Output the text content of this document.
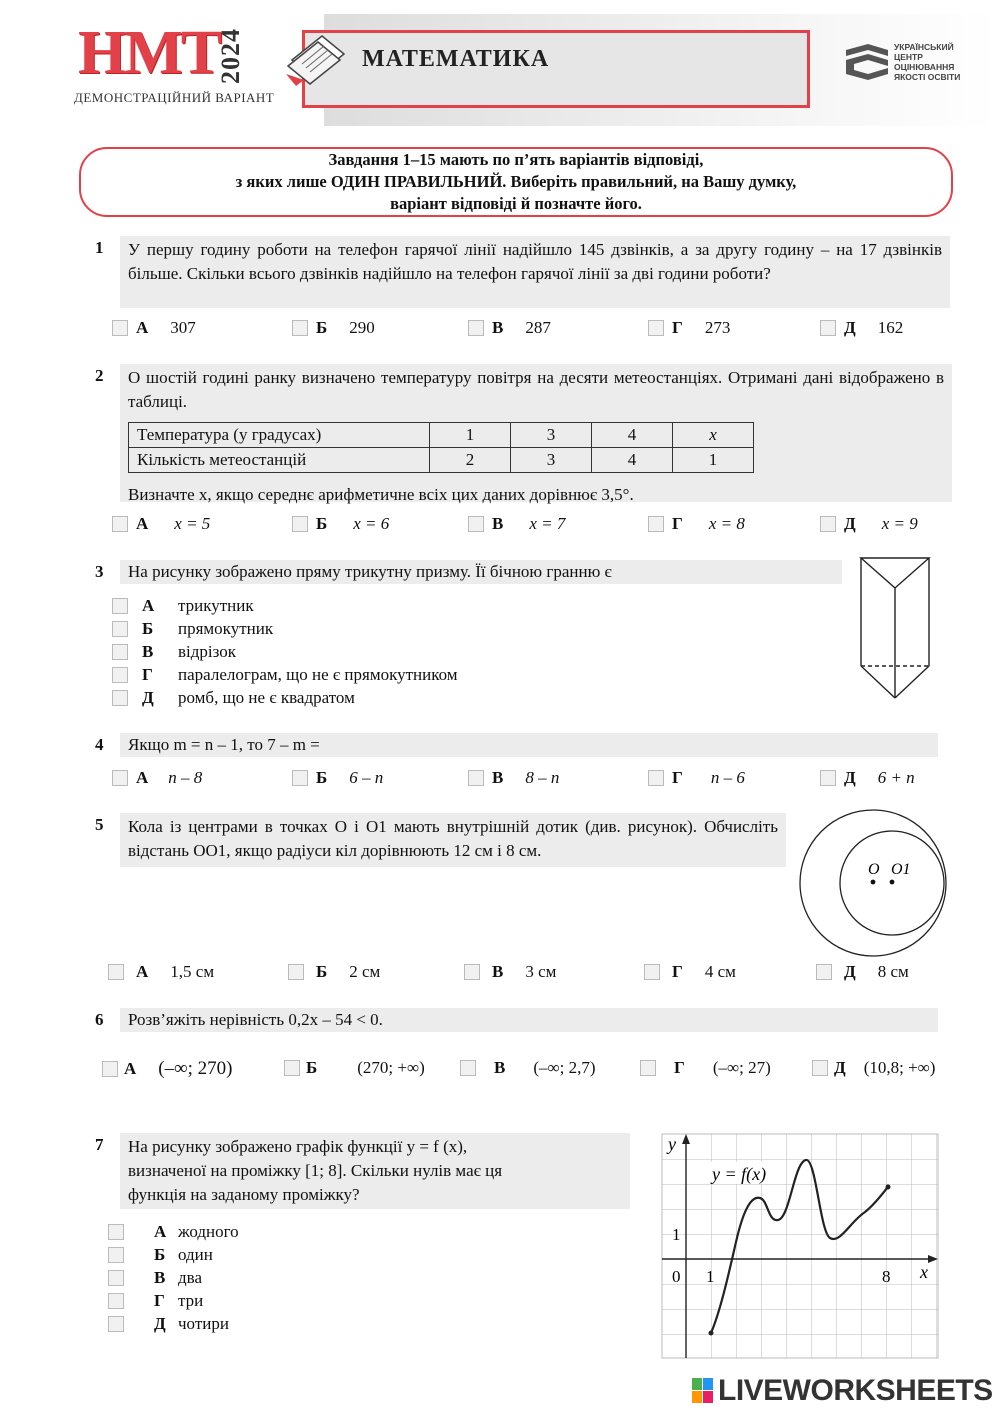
НМТ
2024
ДЕМОНСТРАЦІЙНИЙ ВАРІАНТ
МАТЕМАТИКА	УКРАЇНСЬКИЙ
ЦЕНТР
ОЦІНЮВАННЯ
ЯКОСТІ ОСВІТИ
Завдання 1–15 мають по п’ять варіантів відповіді,
з яких лише ОДИН ПРАВИЛЬНИЙ. Виберіть правильний, на Вашу думку,
варіант відповіді й позначте його.
1	У першу годину роботи на телефон гарячої лінії надійшло 145 дзвінків, а за другу годину – на 17 дзвінків більше. Скільки всього дзвінків надійшло на телефон гарячої лінії за дві години роботи?
А 307	Б 290	В 287	Г 273	Д 162
2 О шостій годині ранку визначено температуру повітря на десяти метеостанціях. Отримані дані відображено в таблиці.
Температура (у градусах)	1	3	4	x
Кількість метеостанцій	2	3	4	1
Визначте x, якщо середнє арифметичне всіх цих даних дорівнює 3,5°.
А x = 5	Б x = 6	В x = 7	Г x = 8	Д x = 9
3	На рисунку зображено пряму трикутну призму. Її бічною гранню є
А	трикутник
Б	прямокутник
В	відрізок
Г	паралелограм, що не є прямокутником
Д	ромб, що не є квадратом
4	Якщо m = n – 1, то 7 – m =
А n – 8	Б 6 – n	В 8 – n	Г n – 6	Д 6 + n
5	Кола із центрами в точках O і O1 мають внутрішній дотик (див. рисунок). Обчисліть відстань OO1, якщо радіуси кіл дорівнюють 12 см і 8 см.
O O1
А 1,5 см	Б 2 см	В 3 см	Г 4 см	Д 8 см
6	Розв’яжіть нерівність 0,2x – 54 < 0.
А (–∞; 270)	Б (270; +∞)	В (–∞; 2,7)	Г (–∞; 27)	Д (10,8; +∞)
7 На рисунку зображено графік функції y = f (x),
визначеної на проміжку [1; 8]. Скільки нулів має ця
функція на заданому проміжку?
А жодного
Б один
В два
Г три
Д чотири
y
x
y = f(x)
0 1
1
8
LIVEWORKSHEETS
